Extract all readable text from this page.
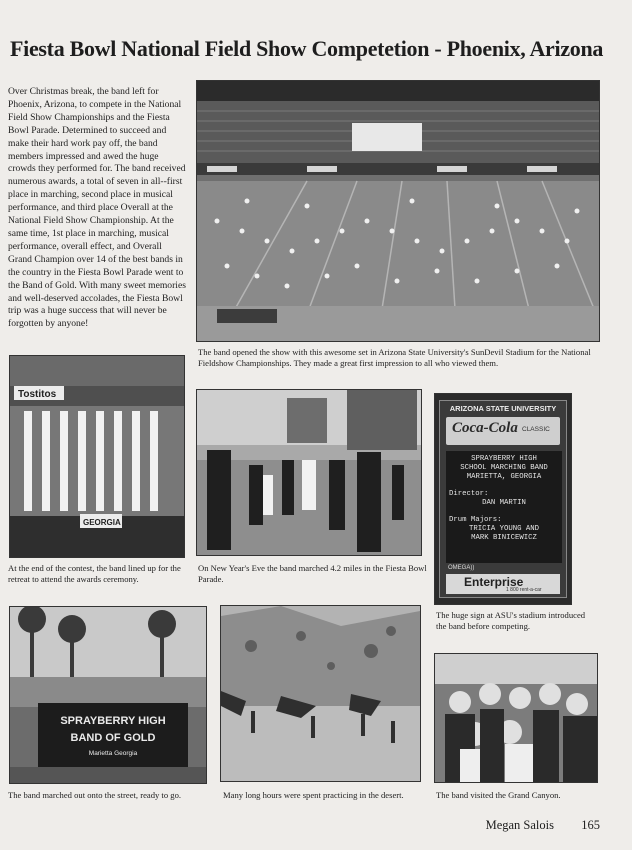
Fiesta Bowl National Field Show Competetion - Phoenix, Arizona
Over Christmas break, the band left for Phoenix, Arizona, to compete in the National Field Show Championships and the Fiesta Bowl Parade. Determined to succeed and make their hard work pay off, the band members impressed and awed the huge crowds they performed for. The band received numerous awards, a total of seven in all--first place in marching, second place in musical performance, and third place Overall at the National Field Show Championship. At the same time, 1st place in marching, musical performance, overall effect, and Overall Grand Champion over 14 of the best bands in the country in the Fiesta Bowl Parade went to the Band of Gold. With many sweet memories and well-deserved accolades, the Fiesta Bowl trip was a huge success that will never be forgotten by anyone!
The band opened the show with this awesome set in Arizona State University's SunDevil Stadium for the National Fieldshow Championships. They made a great first impression to all who viewed them.
Tostitos
GEORGIA
At the end of the contest, the band lined up for the retreat to attend the awards ceremony.
On New Year's Eve the band marched 4.2 miles in the Fiesta Bowl Parade.
ARIZONA STATE UNIVERSITY
Coca-Cola CLASSIC
SPRAYBERRY HIGH
SCHOOL MARCHING BAND
MARIETTA, GEORGIA
Director:
DAN MARTIN
Drum Majors:
TRICIA YOUNG AND
MARK BINICEWICZ
OMEGA))
Enterprise
1 800 rent-a-car
The huge sign at ASU's stadium introduced the band before competing.
SPRAYBERRY HIGH
BAND OF GOLD
Marietta Georgia
The band marched out onto the street, ready to go.	Many long hours were spent practicing in the desert.	The band visited the Grand Canyon.
Megan Salois 165
